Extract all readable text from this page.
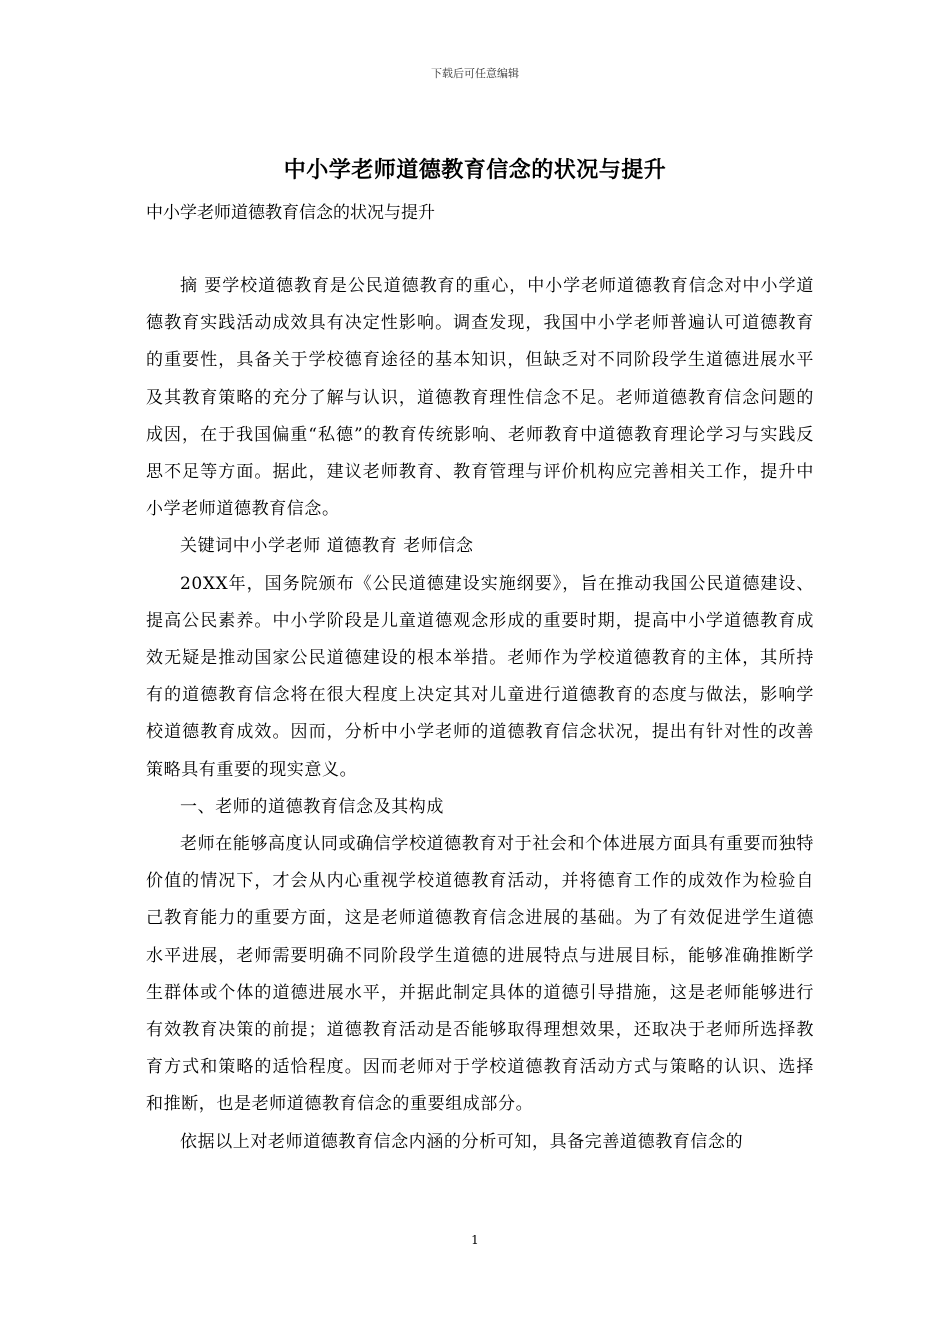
下载后可任意编辑
中小学老师道德教育信念的状况与提升
中小学老师道德教育信念的状况与提升

摘 要学校道德教育是公民道德教育的重心，中小学老师道德教育信念对中小学道德教育实践活动成效具有决定性影响。调查发现，我国中小学老师普遍认可道德教育的重要性，具备关于学校德育途径的基本知识，但缺乏对不同阶段学生道德进展水平及其教育策略的充分了解与认识，道德教育理性信念不足。老师道德教育信念问题的成因，在于我国偏重“私德”的教育传统影响、老师教育中道德教育理论学习与实践反思不足等方面。据此，建议老师教育、教育管理与评价机构应完善相关工作，提升中小学老师道德教育信念。

关键词中小学老师 道德教育 老师信念

20XX年，国务院颁布《公民道德建设实施纲要》，旨在推动我国公民道德建设、提高公民素养。中小学阶段是儿童道德观念形成的重要时期，提高中小学道德教育成效无疑是推动国家公民道德建设的根本举措。老师作为学校道德教育的主体，其所持有的道德教育信念将在很大程度上决定其对儿童进行道德教育的态度与做法，影响学校道德教育成效。因而，分析中小学老师的道德教育信念状况，提出有针对性的改善策略具有重要的现实意义。

一、老师的道德教育信念及其构成

老师在能够高度认同或确信学校道德教育对于社会和个体进展方面具有重要而独特价值的情况下，才会从内心重视学校道德教育活动，并将德育工作的成效作为检验自己教育能力的重要方面，这是老师道德教育信念进展的基础。为了有效促进学生道德水平进展，老师需要明确不同阶段学生道德的进展特点与进展目标，能够准确推断学生群体或个体的道德进展水平，并据此制定具体的道德引导措施，这是老师能够进行有效教育决策的前提；道德教育活动是否能够取得理想效果，还取决于老师所选择教育方式和策略的适恰程度。因而老师对于学校道德教育活动方式与策略的认识、选择和推断，也是老师道德教育信念的重要组成部分。

依据以上对老师道德教育信念内涵的分析可知，具备完善道德教育信念的

1
